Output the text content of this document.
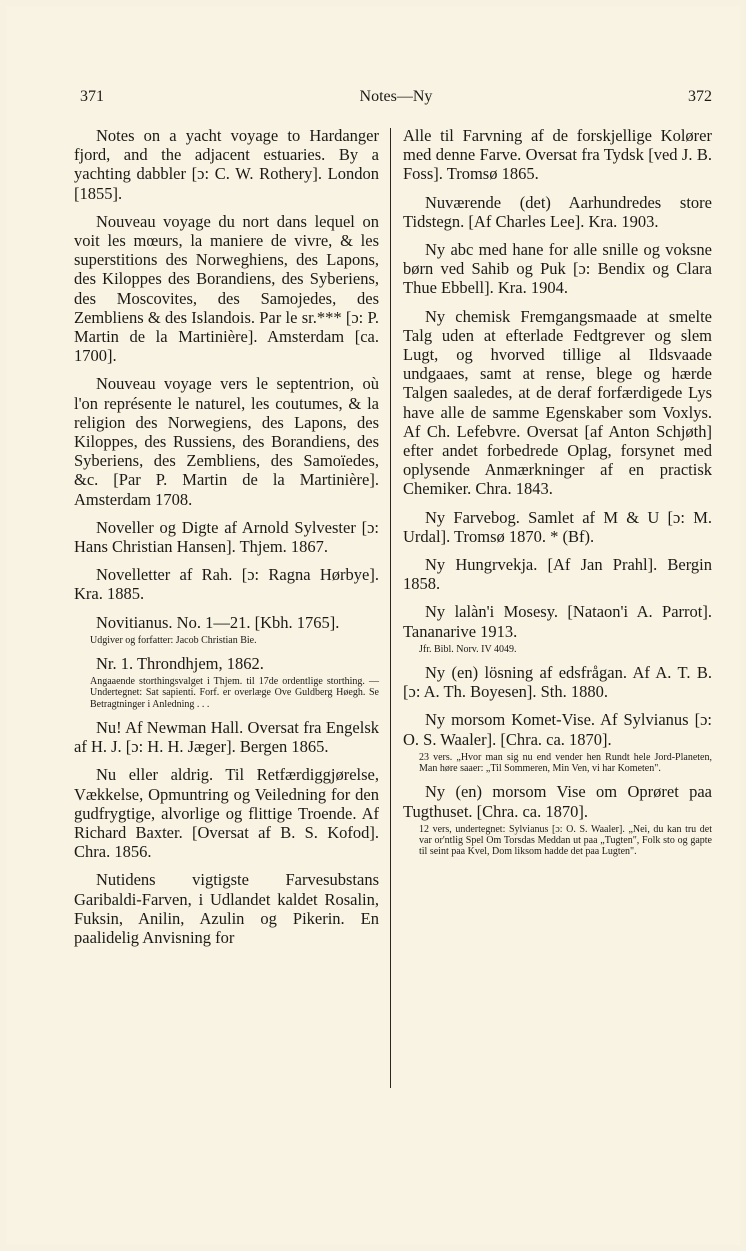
371	Notes—Ny	372

Notes on a yacht voyage to Hardanger fjord, and the adjacent estuaries. By a yachting dabbler [ɔ: C. W. Rothery]. London [1855].

Nouveau voyage du nort dans lequel on voit les mœurs, la maniere de vivre, & les superstitions des Norweghiens, des Lapons, des Kiloppes des Borandiens, des Syberiens, des Moscovites, des Samojedes, des Zembliens & des Islandois. Par le sr.*** [ɔ: P. Martin de la Martinière]. Amsterdam [ca. 1700].

Nouveau voyage vers le septentrion, où l'on représente le naturel, les coutumes, & la religion des Norwegiens, des Lapons, des Kiloppes, des Russiens, des Borandiens, des Syberiens, des Zembliens, des Samoïedes, &c. [Par P. Martin de la Martinière]. Amsterdam 1708.

Noveller og Digte af Arnold Sylvester [ɔ: Hans Christian Hansen]. Thjem. 1867.

Novelletter af Rah. [ɔ: Ragna Hørbye]. Kra. 1885.

Novitianus. No. 1—21. [Kbh. 1765].

Udgiver og forfatter: Jacob Christian Bie.

Nr. 1. Throndhjem, 1862.

Angaaende storthingsvalget i Thjem. til 17de ordentlige storthing. — Undertegnet: Sat sapienti. Forf. er overlæge Ove Guldberg Høegh. Se Betragtninger i Anledning . . .

Nu! Af Newman Hall. Oversat fra Engelsk af H. J. [ɔ: H. H. Jæger]. Bergen 1865.

Nu eller aldrig. Til Retfærdiggjørelse, Vækkelse, Opmuntring og Veiledning for den gudfrygtige, alvorlige og flittige Troende. Af Richard Baxter. [Oversat af B. S. Kofod]. Chra. 1856.

Nutidens vigtigste Farvesubstans Garibaldi-Farven, i Udlandet kaldet Rosalin, Fuksin, Anilin, Azulin og Pikerin. En paalidelig Anvisning for

Alle til Farvning af de forskjellige Kolører med denne Farve. Oversat fra Tydsk [ved J. B. Foss]. Tromsø 1865.

Nuværende (det) Aarhundredes store Tidstegn. [Af Charles Lee]. Kra. 1903.

Ny abc med hane for alle snille og voksne børn ved Sahib og Puk [ɔ: Bendix og Clara Thue Ebbell]. Kra. 1904.

Ny chemisk Fremgangsmaade at smelte Talg uden at efterlade Fedtgrever og slem Lugt, og hvorved tillige al Ildsvaade undgaaes, samt at rense, blege og hærde Talgen saaledes, at de deraf forfærdigede Lys have alle de samme Egenskaber som Voxlys. Af Ch. Lefebvre. Oversat [af Anton Schjøth] efter andet forbedrede Oplag, forsynet med oplysende Anmærkninger af en practisk Chemiker. Chra. 1843.

Ny Farvebog. Samlet af M & U [ɔ: M. Urdal]. Tromsø 1870. * (Bf).

Ny Hungrvekja. [Af Jan Prahl]. Bergin 1858.

Ny lalàn'i Mosesy. [Nataon'i A. Parrot]. Tananarive 1913.

Jfr. Bibl. Norv. IV 4049.

Ny (en) lösning af edsfrågan. Af A. T. B. [ɔ: A. Th. Boyesen]. Sth. 1880.

Ny morsom Komet-Vise. Af Sylvianus [ɔ: O. S. Waaler]. [Chra. ca. 1870].

23 vers. „Hvor man sig nu end vender hen Rundt hele Jord-Planeten, Man høre saaer: „Til Sommeren, Min Ven, vi har Kometen".

Ny (en) morsom Vise om Oprøret paa Tugthuset. [Chra. ca. 1870].

12 vers, undertegnet: Sylvianus [ɔ: O. S. Waaler]. „Nei, du kan tru det var or'ntlig Spel Om Torsdas Meddan ut paa „Tugten", Folk sto og gapte til seint paa Kvel, Dom liksom hadde det paa Lugten".
